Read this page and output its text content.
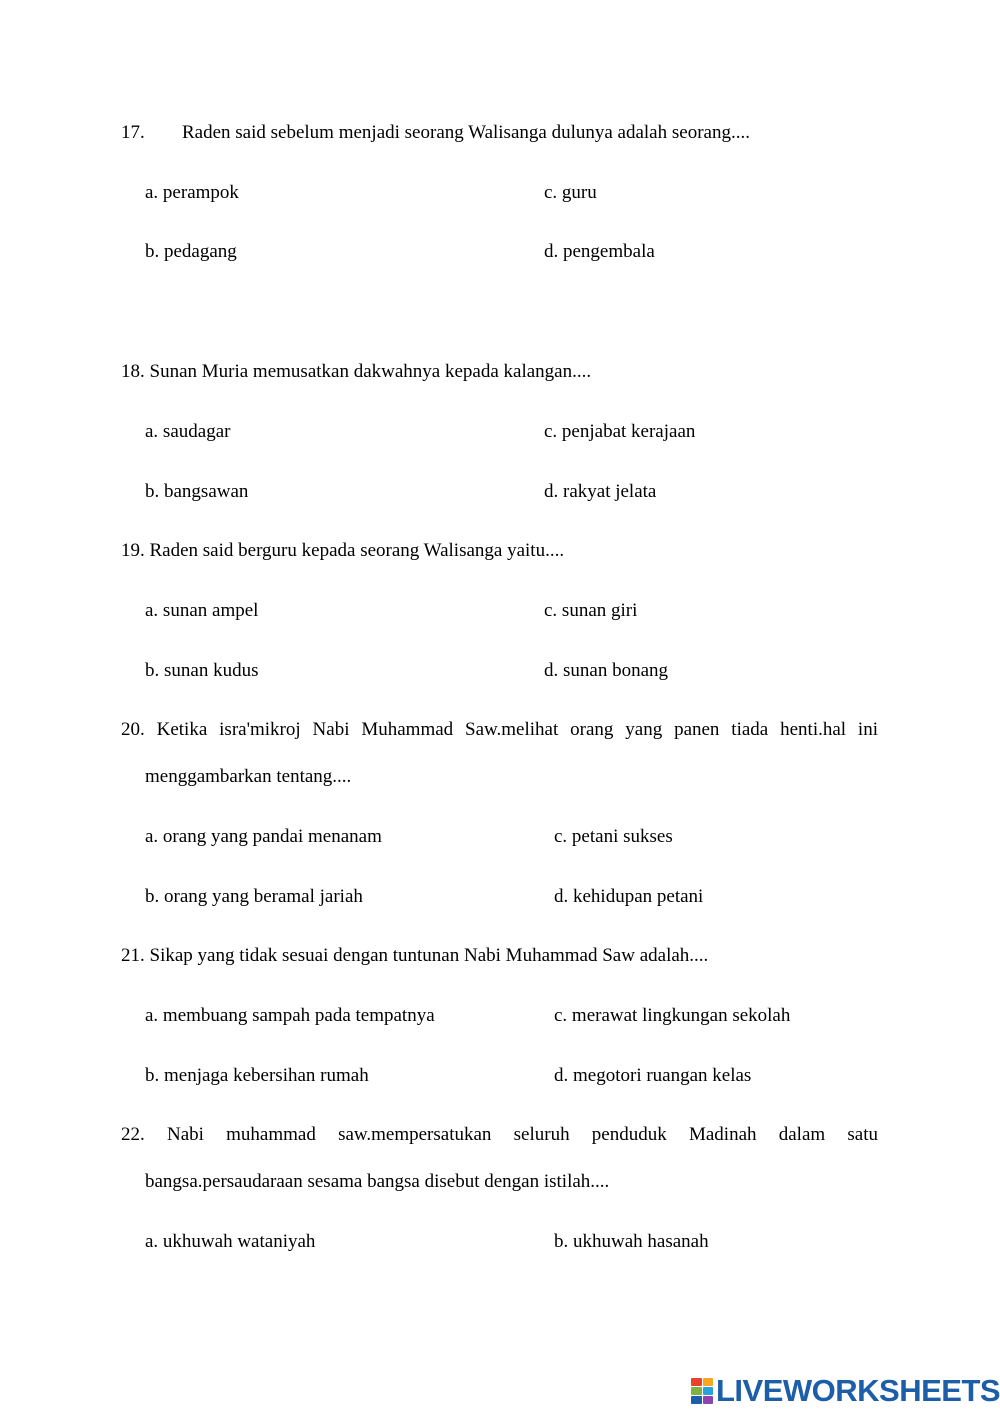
17. Raden said sebelum menjadi seorang Walisanga dulunya adalah seorang....
a. perampok	c. guru
b. pedagang	d. pengembala
18. Sunan Muria memusatkan dakwahnya kepada kalangan....
a. saudagar	c. penjabat kerajaan
b. bangsawan	d. rakyat jelata
19. Raden said berguru kepada seorang Walisanga yaitu....
a. sunan ampel	c. sunan giri
b. sunan kudus	d. sunan bonang
20. Ketika isra'mikroj Nabi Muhammad Saw.melihat orang yang panen tiada henti.hal ini
menggambarkan tentang....
a. orang yang pandai menanam	c. petani sukses
b. orang yang beramal jariah	d. kehidupan petani
21. Sikap yang tidak sesuai dengan tuntunan Nabi Muhammad Saw adalah....
a. membuang sampah pada tempatnya	c. merawat lingkungan sekolah
b. menjaga kebersihan rumah	d. megotori ruangan kelas
22. Nabi muhammad saw.mempersatukan seluruh penduduk Madinah dalam satu
bangsa.persaudaraan sesama bangsa disebut dengan istilah....
a. ukhuwah wataniyah	b. ukhuwah hasanah
LIVEWORKSHEETS
